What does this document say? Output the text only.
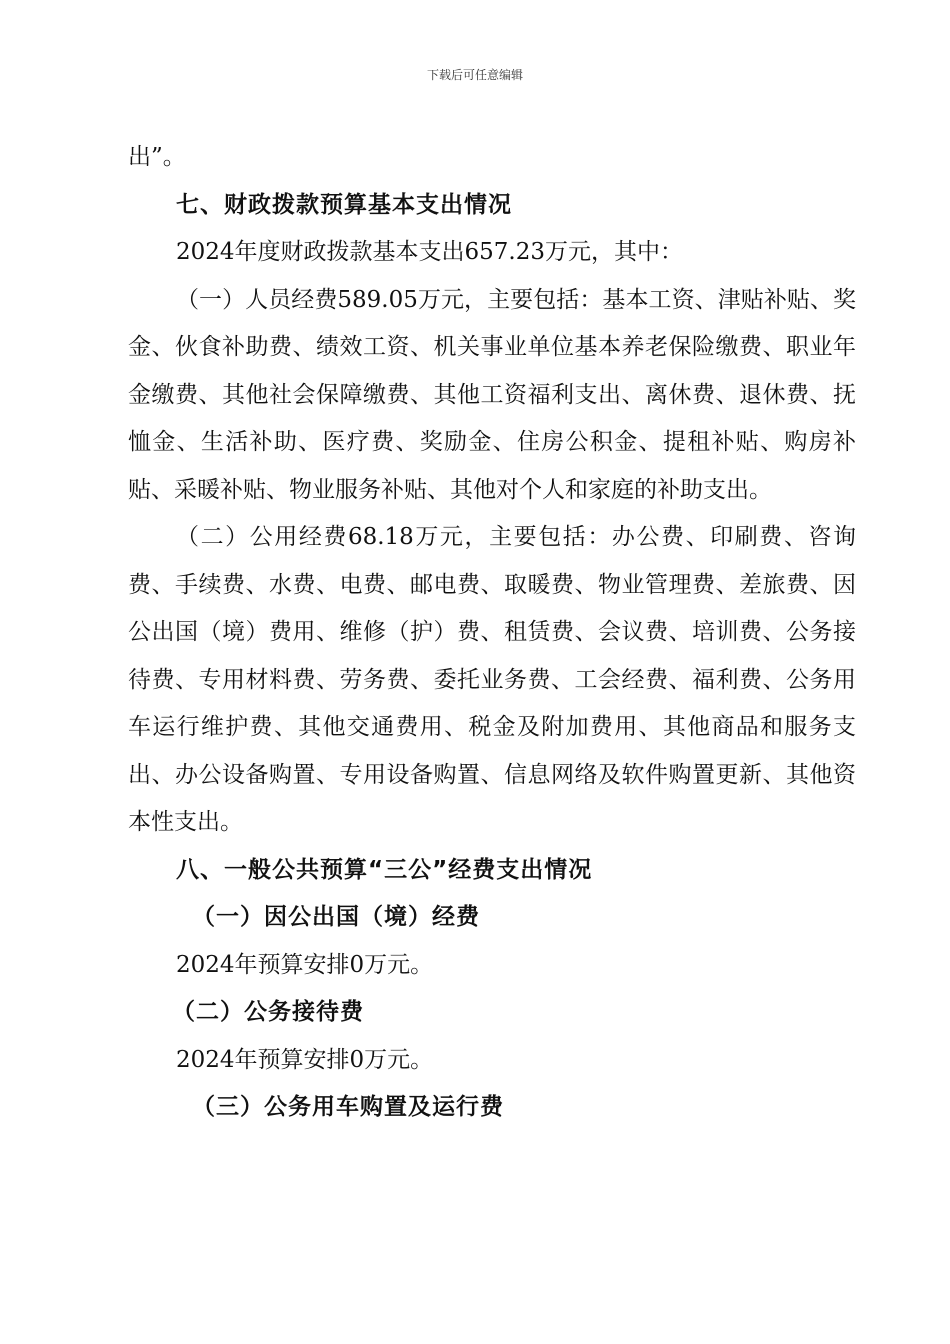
下载后可任意编辑

出”。

七、财政拨款预算基本支出情况

2024年度财政拨款基本支出657.23万元，其中：

（一）人员经费589.05万元，主要包括：基本工资、津贴补贴、奖金、伙食补助费、绩效工资、机关事业单位基本养老保险缴费、职业年金缴费、其他社会保障缴费、其他工资福利支出、离休费、退休费、抚恤金、生活补助、医疗费、奖励金、住房公积金、提租补贴、购房补贴、采暖补贴、物业服务补贴、其他对个人和家庭的补助支出。

（二）公用经费68.18万元，主要包括：办公费、印刷费、咨询费、手续费、水费、电费、邮电费、取暖费、物业管理费、差旅费、因公出国（境）费用、维修（护）费、租赁费、会议费、培训费、公务接待费、专用材料费、劳务费、委托业务费、工会经费、福利费、公务用车运行维护费、其他交通费用、税金及附加费用、其他商品和服务支出、办公设备购置、专用设备购置、信息网络及软件购置更新、其他资本性支出。

八、一般公共预算“三公”经费支出情况

（一）因公出国（境）经费

2024年预算安排0万元。

（二）公务接待费

2024年预算安排0万元。

（三）公务用车购置及运行费
